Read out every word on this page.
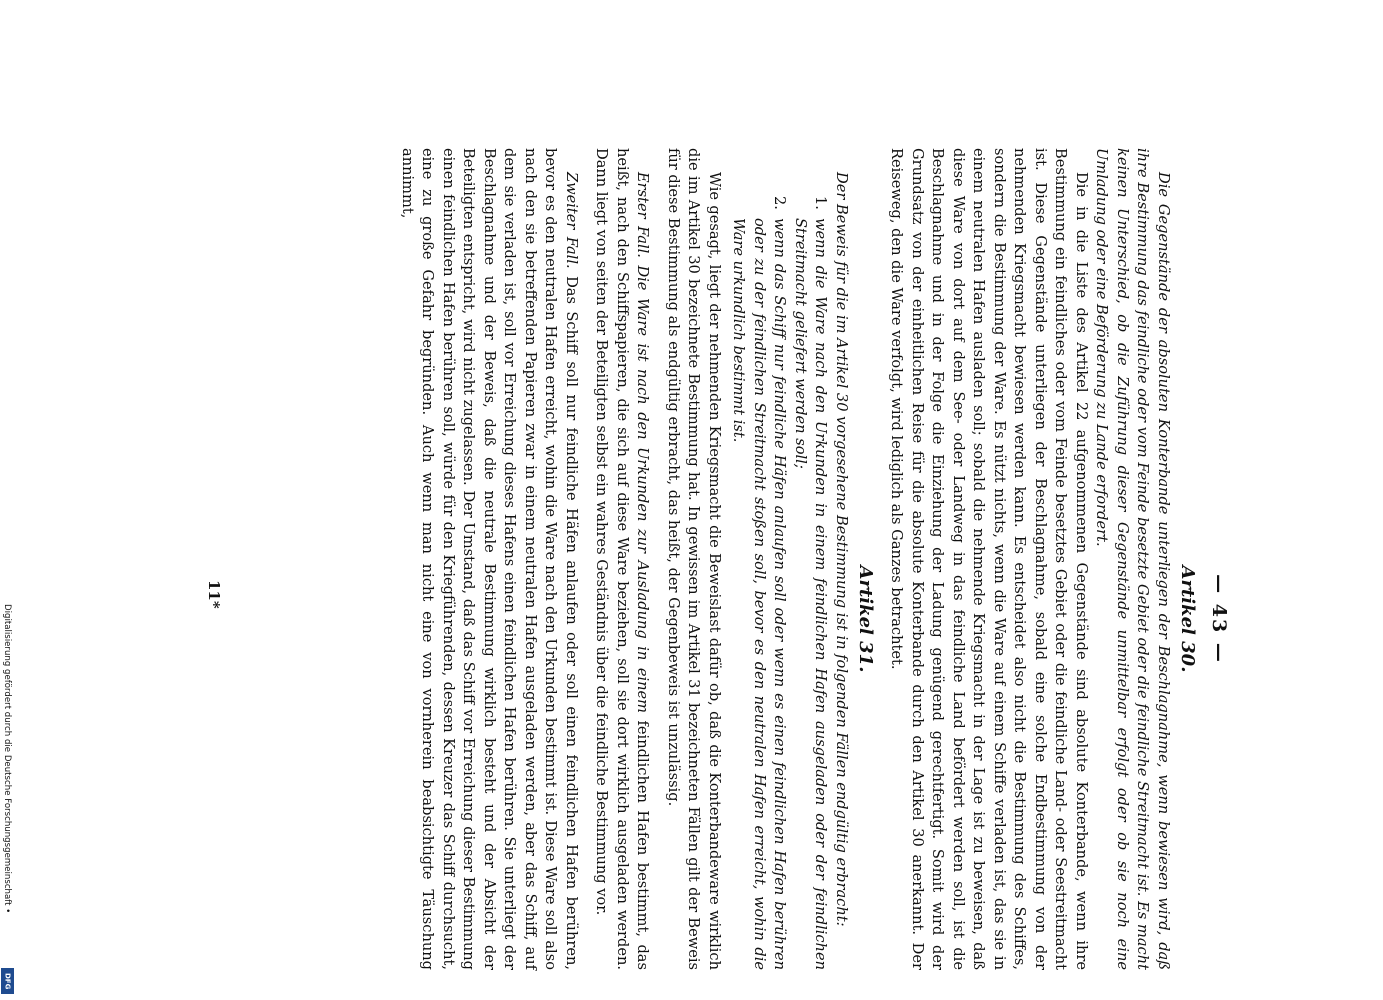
Digitalisierung gefördert durch die Deutsche Forschungsgemeinschaft •
DFG
— 43 —
Artikel 30.

Die Gegenstände der absoluten Konterbande unterliegen der Beschlagnahme, wenn bewiesen wird, daß ihre Bestimmung das feindliche oder vom Feinde besetzte Gebiet oder die feindliche Streitmacht ist. Es macht keinen Unterschied, ob die Zuführung dieser Gegenstände unmittelbar erfolgt oder ob sie noch eine Umladung oder eine Beförderung zu Lande erfordert.

Die in die Liste des Artikel 22 aufgenommenen Gegenstände sind absolute Konterbande, wenn ihre Bestimmung ein feindliches oder vom Feinde besetztes Gebiet oder die feindliche Land- oder Seestreitmacht ist. Diese Gegenstände unterliegen der Beschlagnahme, sobald eine solche Endbestimmung von der nehmenden Kriegsmacht bewiesen werden kann. Es entscheidet also nicht die Bestimmung des Schiffes, sondern die Bestimmung der Ware. Es nützt nichts, wenn die Ware auf einem Schiffe verladen ist, das sie in einem neutralen Hafen ausladen soll; sobald die nehmende Kriegsmacht in der Lage ist zu beweisen, daß diese Ware von dort auf dem See- oder Landweg in das feindliche Land befördert werden soll, ist die Beschlagnahme und in der Folge die Einziehung der Ladung genügend gerechtfertigt. Somit wird der Grundsatz von der einheitlichen Reise für die absolute Konterbande durch den Artikel 30 anerkannt. Der Reiseweg, den die Ware verfolgt, wird lediglich als Ganzes betrachtet.

Artikel 31.

Der Beweis für die im Artikel 30 vorgesehene Bestimmung ist in folgenden Fällen endgültig erbracht:

1.wenn die Ware nach den Urkunden in einem feindlichen Hafen ausgeladen oder der feindlichen Streitmacht geliefert werden soll;
2.wenn das Schiff nur feindliche Häfen anlaufen soll oder wenn es einen feindlichen Hafen berühren oder zu der feindlichen Streitmacht stoßen soll, bevor es den neutralen Hafen erreicht, wohin die Ware urkundlich bestimmt ist.

Wie gesagt, liegt der nehmenden Kriegsmacht die Beweislast dafür ob, daß die Konterbandeware wirklich die im Artikel 30 bezeichnete Bestimmung hat. In gewissen im Artikel 31 bezeichneten Fällen gilt der Beweis für diese Bestimmung als endgültig erbracht, das heißt, der Gegenbeweis ist unzulässig.

Erster Fall. Die Ware ist nach den Urkunden zur Ausladung in einem feindlichen Hafen bestimmt, das heißt, nach den Schiffspapieren, die sich auf diese Ware beziehen, soll sie dort wirklich ausgeladen werden. Dann liegt von seiten der Beteiligten selbst ein wahres Geständnis über die feindliche Bestimmung vor.

Zweiter Fall. Das Schiff soll nur feindliche Häfen anlaufen oder soll einen feindlichen Hafen berühren, bevor es den neutralen Hafen erreicht, wohin die Ware nach den Urkunden bestimmt ist. Diese Ware soll also nach den sie betreffenden Papieren zwar in einem neutralen Hafen ausgeladen werden, aber das Schiff, auf dem sie verladen ist, soll vor Erreichung dieses Hafens einen feindlichen Hafen berühren. Sie unterliegt der Beschlagnahme und der Beweis, daß die neutrale Bestimmung wirklich besteht und der Absicht der Beteiligten entspricht, wird nicht zugelassen. Der Umstand, daß das Schiff vor Erreichung dieser Bestimmung einen feindlichen Hafen berühren soll, würde für den Kriegführenden, dessen Kreuzer das Schiff durchsucht, eine zu große Gefahr begründen. Auch wenn man nicht eine von vornherein beabsichtigte Täuschung annimmt,

11*
